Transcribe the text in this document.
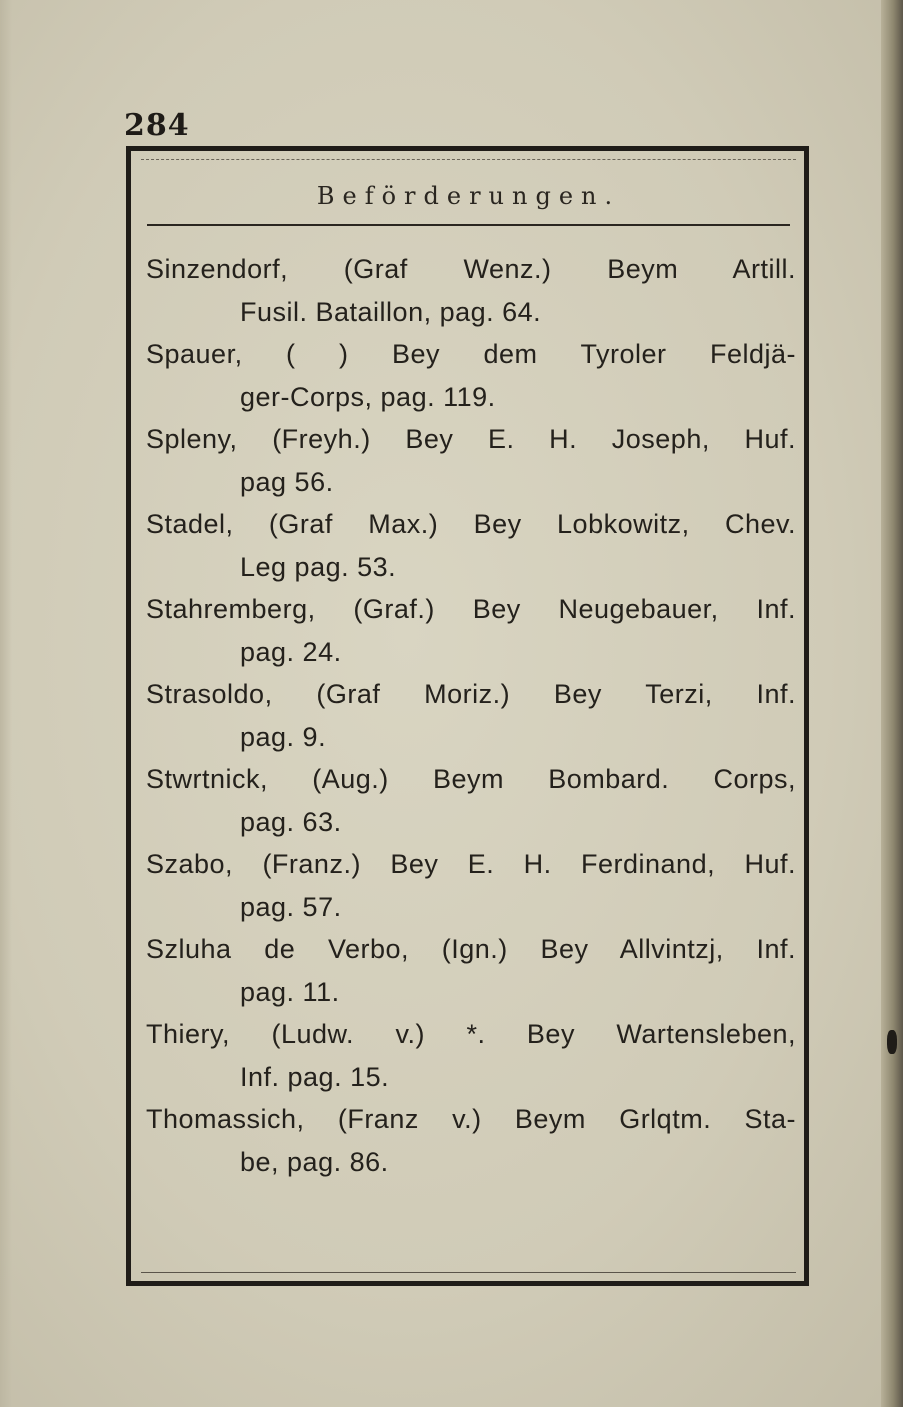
284
Beförderungen.
Sinzendorf, (Graf Wenz.) Beym Artill.
Fusil. Bataillon, pag. 64.
Spauer, ( ) Bey dem Tyroler Feldjä-
ger-Corps, pag. 119.
Spleny, (Freyh.) Bey E. H. Joseph, Huf.
pag 56.
Stadel, (Graf Max.) Bey Lobkowitz, Chev.
Leg pag. 53.
Stahremberg, (Graf.) Bey Neugebauer, Inf.
pag. 24.
Strasoldo, (Graf Moriz.) Bey Terzi, Inf.
pag. 9.
Stwrtnick, (Aug.) Beym Bombard. Corps,
pag. 63.
Szabo, (Franz.) Bey E. H. Ferdinand, Huf.
pag. 57.
Szluha de Verbo, (Ign.) Bey Allvintzj, Inf.
pag. 11.
Thiery, (Ludw. v.) *. Bey Wartensleben,
Inf. pag. 15.
Thomassich, (Franz v.) Beym Grlqtm. Sta-
be, pag. 86.
